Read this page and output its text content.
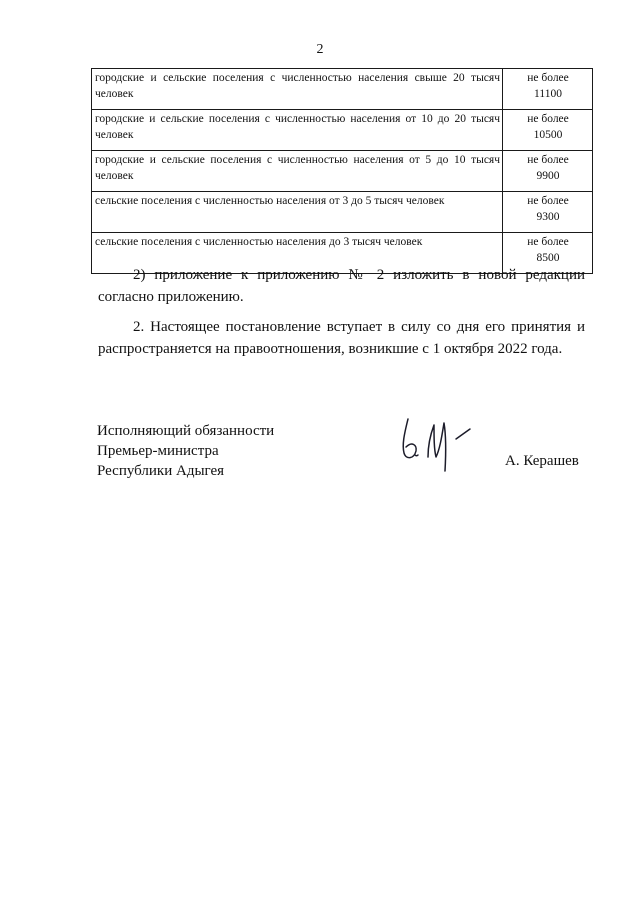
2
городские и сельские поселения с численностью населения свыше 20 тысяч человек	не более
11100

городские и сельские поселения с численностью населения от 10 до 20 тысяч человек	не более
10500

городские и сельские поселения с численностью населения от 5 до 10 тысяч человек	не более
9900

сельские поселения с численностью населения от 3 до 5 тысяч человек	не более
9300

сельские поселения с численностью населения до 3 тысяч человек	не более
8500
2) приложение к приложению № 2 изложить в новой редакции согласно приложению.
2. Настоящее постановление вступает в силу со дня его принятия и распространяется на правоотношения, возникшие с 1 октября 2022 года.
Исполняющий обязанности
Премьер-министра
Республики Адыгея
А. Керашев
